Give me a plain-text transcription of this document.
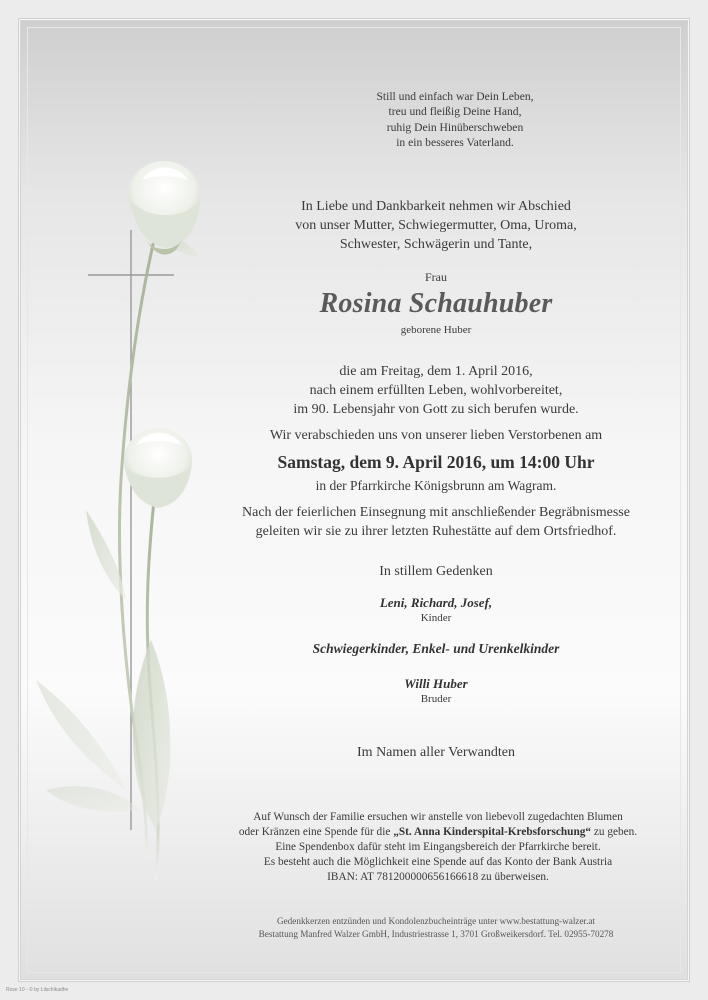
Still und einfach war Dein Leben,
treu und fleißig Deine Hand,
ruhig Dein Hinüberschweben
in ein besseres Vaterland.
In Liebe und Dankbarkeit nehmen wir Abschied
von unser Mutter, Schwiegermutter, Oma, Uroma,
Schwester, Schwägerin und Tante,
Frau
Rosina Schauhuber
geborene Huber
die am Freitag, dem 1. April 2016,
nach einem erfüllten Leben, wohlvorbereitet,
im 90. Lebensjahr von Gott zu sich berufen wurde.
Wir verabschieden uns von unserer lieben Verstorbenen am
Samstag, dem 9. April 2016, um 14:00 Uhr
in der Pfarrkirche Königsbrunn am Wagram.
Nach der feierlichen Einsegnung mit anschließender Begräbnismesse
geleiten wir sie zu ihrer letzten Ruhestätte auf dem Ortsfriedhof.
In stillem Gedenken
Leni, Richard, Josef,
Kinder
Schwiegerkinder, Enkel- und Urenkelkinder
Willi Huber
Bruder
Im Namen aller Verwandten
Auf Wunsch der Familie ersuchen wir anstelle von liebevoll zugedachten Blumen
oder Kränzen eine Spende für die „St. Anna Kinderspital-Krebsforschung“ zu geben.
Eine Spendenbox dafür steht im Eingangsbereich der Pfarrkirche bereit.
Es besteht auch die Möglichkeit eine Spende auf das Konto der Bank Austria
IBAN: AT 781200000656166618 zu überweisen.
Gedenkkerzen entzünden und Kondolenzbucheinträge unter www.bestattung-walzer.at
Bestattung Manfred Walzer GmbH, Industriestrasse 1, 3701 Großweikersdorf. Tel. 02955-70278
Rose 10 - © by Lilschikadhe
